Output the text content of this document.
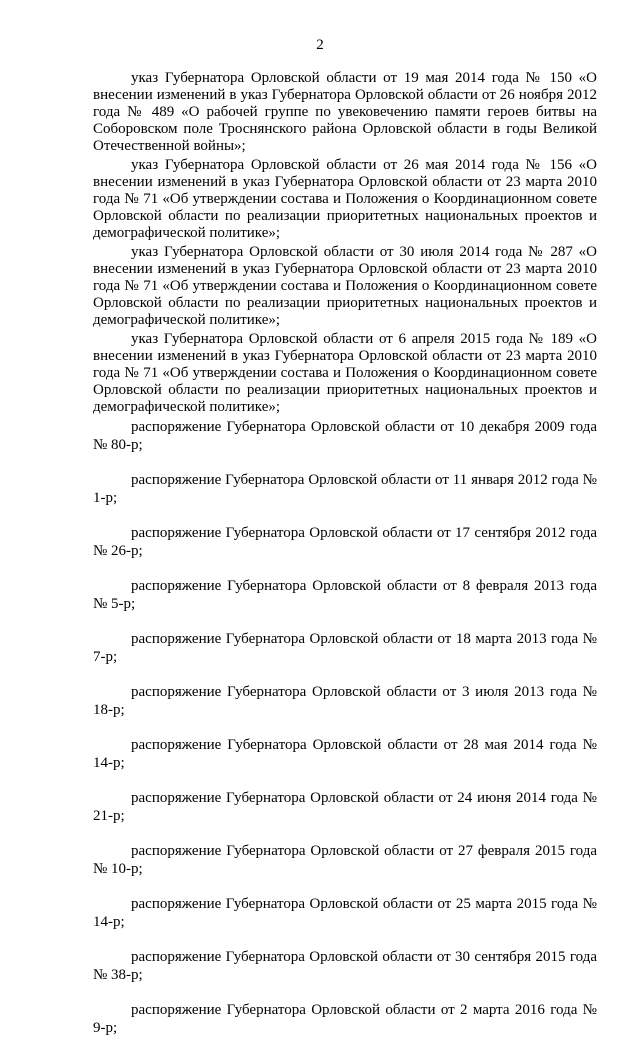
2

указ Губернатора Орловской области от 19 мая 2014 года № 150 «О внесении изменений в указ Губернатора Орловской области от 26 ноября 2012 года № 489 «О рабочей группе по увековечению памяти героев битвы на Соборовском поле Троснянского района Орловской области в годы Великой Отечественной войны»;

указ Губернатора Орловской области от 26 мая 2014 года № 156 «О внесении изменений в указ Губернатора Орловской области от 23 марта 2010 года № 71 «Об утверждении состава и Положения о Координационном совете Орловской области по реализации приоритетных национальных проектов и демографической политике»;

указ Губернатора Орловской области от 30 июля 2014 года № 287 «О внесении изменений в указ Губернатора Орловской области от 23 марта 2010 года № 71 «Об утверждении состава и Положения о Координационном совете Орловской области по реализации приоритетных национальных проектов и демографической политике»;

указ Губернатора Орловской области от 6 апреля 2015 года № 189 «О внесении изменений в указ Губернатора Орловской области от 23 марта 2010 года № 71 «Об утверждении состава и Положения о Координационном совете Орловской области по реализации приоритетных национальных проектов и демографической политике»;

распоряжение Губернатора Орловской области от 10 декабря 2009 года № 80-р;

распоряжение Губернатора Орловской области от 11 января 2012 года № 1-р;

распоряжение Губернатора Орловской области от 17 сентября 2012 года № 26-р;

распоряжение Губернатора Орловской области от 8 февраля 2013 года № 5-р;

распоряжение Губернатора Орловской области от 18 марта 2013 года № 7-р;

распоряжение Губернатора Орловской области от 3 июля 2013 года № 18-р;

распоряжение Губернатора Орловской области от 28 мая 2014 года № 14-р;

распоряжение Губернатора Орловской области от 24 июня 2014 года № 21-р;

распоряжение Губернатора Орловской области от 27 февраля 2015 года № 10-р;

распоряжение Губернатора Орловской области от 25 марта 2015 года № 14-р;

распоряжение Губернатора Орловской области от 30 сентября 2015 года № 38-р;

распоряжение Губернатора Орловской области от 2 марта 2016 года № 9-р;
